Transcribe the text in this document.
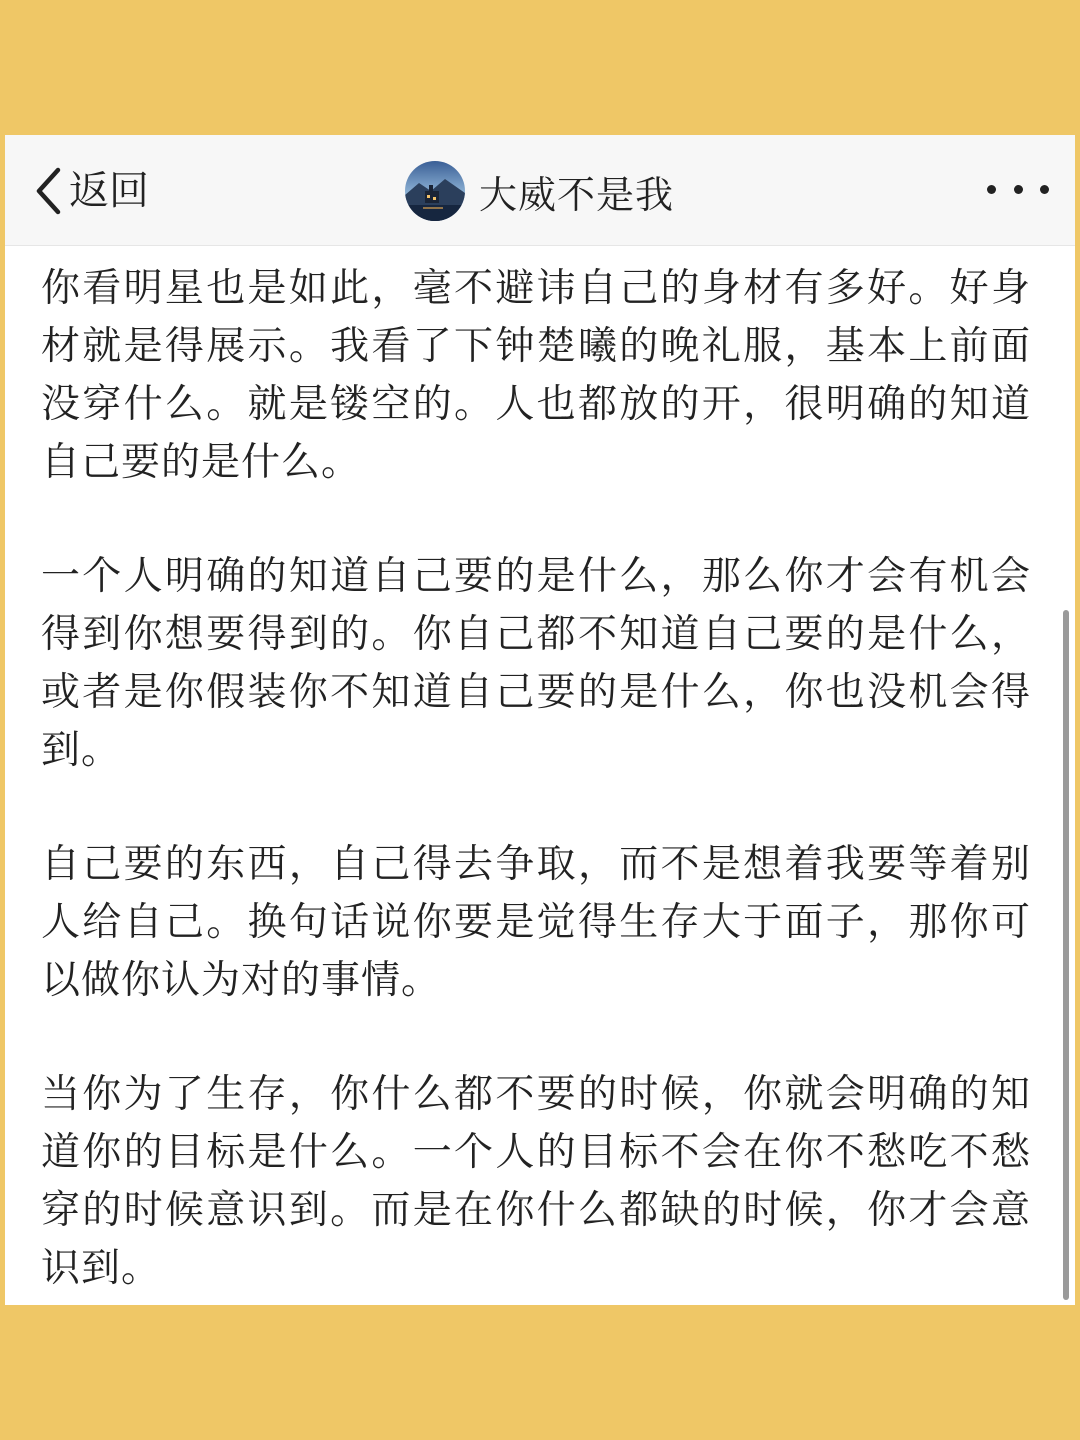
返回	大威不是我

你看明星也是如此，毫不避讳自己的身材有多好。好身材就是得展示。我看了下钟楚曦的晚礼服，基本上前面没穿什么。就是镂空的。人也都放的开，很明确的知道自己要的是什么。

一个人明确的知道自己要的是什么，那么你才会有机会得到你想要得到的。你自己都不知道自己要的是什么，或者是你假装你不知道自己要的是什么，你也没机会得到。

自己要的东西，自己得去争取，而不是想着我要等着别人给自己。换句话说你要是觉得生存大于面子，那你可以做你认为对的事情。

当你为了生存，你什么都不要的时候，你就会明确的知道你的目标是什么。一个人的目标不会在你不愁吃不愁穿的时候意识到。而是在你什么都缺的时候，你才会意识到。
